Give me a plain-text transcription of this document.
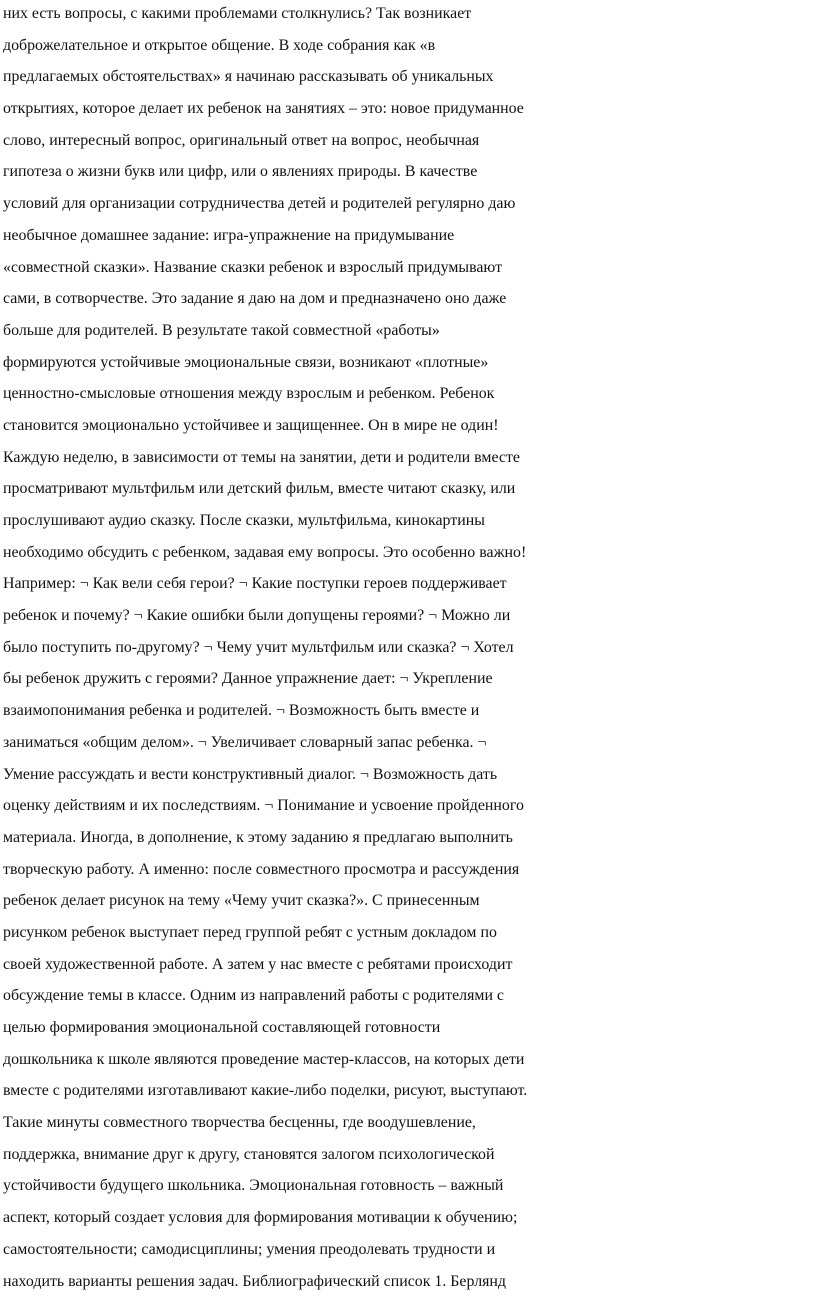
них есть вопросы, с какими проблемами столкнулись? Так возникает
доброжелательное и открытое общение. В ходе собрания как «в
предлагаемых обстоятельствах» я начинаю рассказывать об уникальных
открытиях, которое делает их ребенок на занятиях – это: новое придуманное
слово, интересный вопрос, оригинальный ответ на вопрос, необычная
гипотеза о жизни букв или цифр, или о явлениях природы. В качестве
условий для организации сотрудничества детей и родителей регулярно даю
необычное домашнее задание: игра-упражнение на придумывание
«совместной сказки». Название сказки ребенок и взрослый придумывают
сами, в сотворчестве. Это задание я даю на дом и предназначено оно даже
больше для родителей. В результате такой совместной «работы»
формируются устойчивые эмоциональные связи, возникают «плотные»
ценностно-смысловые отношения между взрослым и ребенком. Ребенок
становится эмоционально устойчивее и защищеннее. Он в мире не один!
Каждую неделю, в зависимости от темы на занятии, дети и родители вместе
просматривают мультфильм или детский фильм, вместе читают сказку, или
прослушивают аудио сказку. После сказки, мультфильма, кинокартины
необходимо обсудить с ребенком, задавая ему вопросы. Это особенно важно!
Например: ¬ Как вели себя герои? ¬ Какие поступки героев поддерживает
ребенок и почему? ¬ Какие ошибки были допущены героями? ¬ Можно ли
было поступить по-другому? ¬ Чему учит мультфильм или сказка? ¬ Хотел
бы ребенок дружить с героями? Данное упражнение дает: ¬ Укрепление
взаимопонимания ребенка и родителей. ¬ Возможность быть вместе и
заниматься «общим делом». ¬ Увеличивает словарный запас ребенка. ¬
Умение рассуждать и вести конструктивный диалог. ¬ Возможность дать
оценку действиям и их последствиям. ¬ Понимание и усвоение пройденного
материала. Иногда, в дополнение, к этому заданию я предлагаю выполнить
творческую работу. А именно: после совместного просмотра и рассуждения
ребенок делает рисунок на тему «Чему учит сказка?». С принесенным
рисунком ребенок выступает перед группой ребят с устным докладом по
своей художественной работе. А затем у нас вместе с ребятами происходит
обсуждение темы в классе. Одним из направлений работы с родителями с
целью формирования эмоциональной составляющей готовности
дошкольника к школе являются проведение мастер-классов, на которых дети
вместе с родителями изготавливают какие-либо поделки, рисуют, выступают.
Такие минуты совместного творчества бесценны, где воодушевление,
поддержка, внимание друг к другу, становятся залогом психологической
устойчивости будущего школьника. Эмоциональная готовность – важный
аспект, который создает условия для формирования мотивации к обучению;
самостоятельности; самодисциплины; умения преодолевать трудности и
находить варианты решения задач. Библиографический список 1. Берлянд
